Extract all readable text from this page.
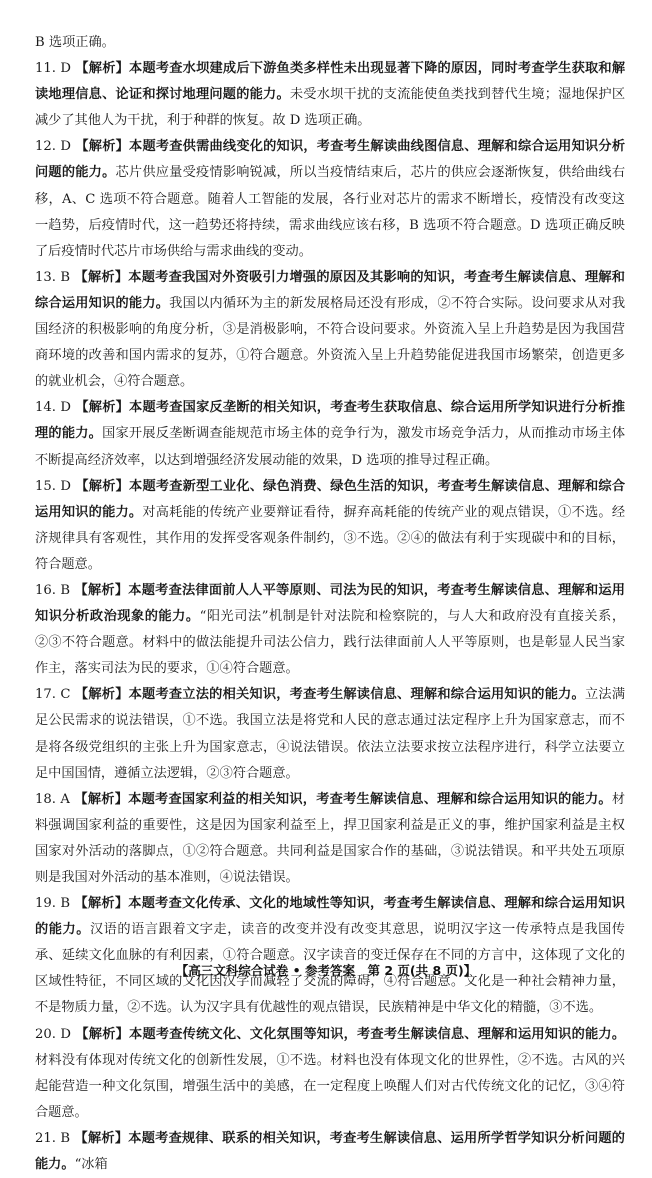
B 选项正确。
11. D 【解析】本题考查水坝建成后下游鱼类多样性未出现显著下降的原因，同时考查学生获取和解读地理信息、论证和探讨地理问题的能力。未受水坝干扰的支流能使鱼类找到替代生境；湿地保护区减少了其他人为干扰，利于种群的恢复。故 D 选项正确。
12. D 【解析】本题考查供需曲线变化的知识，考查考生解读曲线图信息、理解和综合运用知识分析问题的能力。芯片供应量受疫情影响锐减，所以当疫情结束后，芯片的供应会逐渐恢复，供给曲线右移，A、C 选项不符合题意。随着人工智能的发展，各行业对芯片的需求不断增长，疫情没有改变这一趋势，后疫情时代，这一趋势还将持续，需求曲线应该右移，B 选项不符合题意。D 选项正确反映了后疫情时代芯片市场供给与需求曲线的变动。
13. B 【解析】本题考查我国对外资吸引力增强的原因及其影响的知识，考查考生解读信息、理解和综合运用知识的能力。我国以内循环为主的新发展格局还没有形成，②不符合实际。设问要求从对我国经济的积极影响的角度分析，③是消极影响，不符合设问要求。外资流入呈上升趋势是因为我国营商环境的改善和国内需求的复苏，①符合题意。外资流入呈上升趋势能促进我国市场繁荣，创造更多的就业机会，④符合题意。
14. D 【解析】本题考查国家反垄断的相关知识，考查考生获取信息、综合运用所学知识进行分析推理的能力。国家开展反垄断调查能规范市场主体的竞争行为，激发市场竞争活力，从而推动市场主体不断提高经济效率，以达到增强经济发展动能的效果，D 选项的推导过程正确。
15. D 【解析】本题考查新型工业化、绿色消费、绿色生活的知识，考查考生解读信息、理解和综合运用知识的能力。对高耗能的传统产业要辩证看待，摒弃高耗能的传统产业的观点错误，①不选。经济规律具有客观性，其作用的发挥受客观条件制约，③不选。②④的做法有利于实现碳中和的目标，符合题意。
16. B 【解析】本题考查法律面前人人平等原则、司法为民的知识，考查考生解读信息、理解和运用知识分析政治现象的能力。“阳光司法”机制是针对法院和检察院的，与人大和政府没有直接关系，②③不符合题意。材料中的做法能提升司法公信力，践行法律面前人人平等原则，也是彰显人民当家作主，落实司法为民的要求，①④符合题意。
17. C 【解析】本题考查立法的相关知识，考查考生解读信息、理解和综合运用知识的能力。立法满足公民需求的说法错误，①不选。我国立法是将党和人民的意志通过法定程序上升为国家意志，而不是将各级党组织的主张上升为国家意志，④说法错误。依法立法要求按立法程序进行，科学立法要立足中国国情，遵循立法逻辑，②③符合题意。
18. A 【解析】本题考查国家利益的相关知识，考查考生解读信息、理解和综合运用知识的能力。材料强调国家利益的重要性，这是因为国家利益至上，捍卫国家利益是正义的事，维护国家利益是主权国家对外活动的落脚点，①②符合题意。共同利益是国家合作的基础，③说法错误。和平共处五项原则是我国对外活动的基本准则，④说法错误。
19. B 【解析】本题考查文化传承、文化的地域性等知识，考查考生解读信息、理解和综合运用知识的能力。汉语的语言跟着文字走，读音的改变并没有改变其意思，说明汉字这一传承特点是我国传承、延续文化血脉的有利因素，①符合题意。汉字读音的变迁保存在不同的方言中，这体现了文化的区域性特征，不同区域的文化因汉字而减轻了交流的障碍，④符合题意。文化是一种社会精神力量，不是物质力量，②不选。认为汉字具有优越性的观点错误，民族精神是中华文化的精髓，③不选。
20. D 【解析】本题考查传统文化、文化氛围等知识，考查考生解读信息、理解和运用知识的能力。材料没有体现对传统文化的创新性发展，①不选。材料也没有体现文化的世界性，②不选。古风的兴起能营造一种文化氛围，增强生活中的美感，在一定程度上唤醒人们对古代传统文化的记忆，③④符合题意。
21. B 【解析】本题考查规律、联系的相关知识，考查考生解读信息、运用所学哲学知识分析问题的能力。“冰箱
【高三文科综合试卷 • 参考答案　第 2 页(共 8 页)】
